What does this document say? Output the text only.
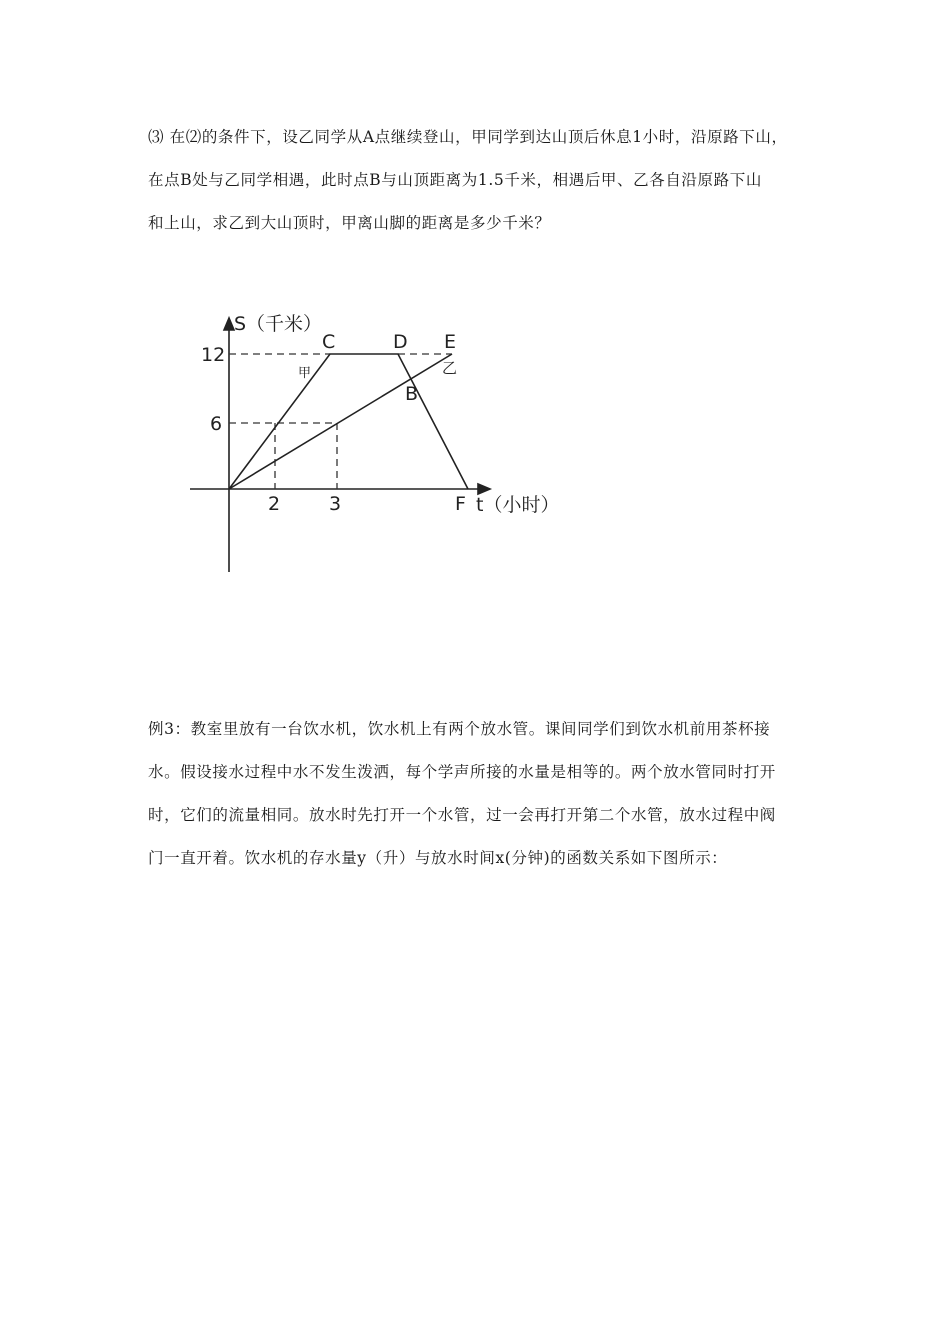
⑶ 在⑵的条件下，设乙同学从A点继续登山，甲同学到达山顶后休息1小时，沿原路下山，

在点B处与乙同学相遇，此时点B与山顶距离为1.5千米，相遇后甲、乙各自沿原路下山

和上山，求乙到大山顶时，甲离山脚的距离是多少千米？

S（千米）
t（小时）
12
6
2	3
C	D E
B
F
甲	乙

例3：教室里放有一台饮水机，饮水机上有两个放水管。课间同学们到饮水机前用茶杯接

水。假设接水过程中水不发生泼洒，每个学声所接的水量是相等的。两个放水管同时打开

时，它们的流量相同。放水时先打开一个水管，过一会再打开第二个水管，放水过程中阀

门一直开着。饮水机的存水量y（升）与放水时间x(分钟)的函数关系如下图所示：
